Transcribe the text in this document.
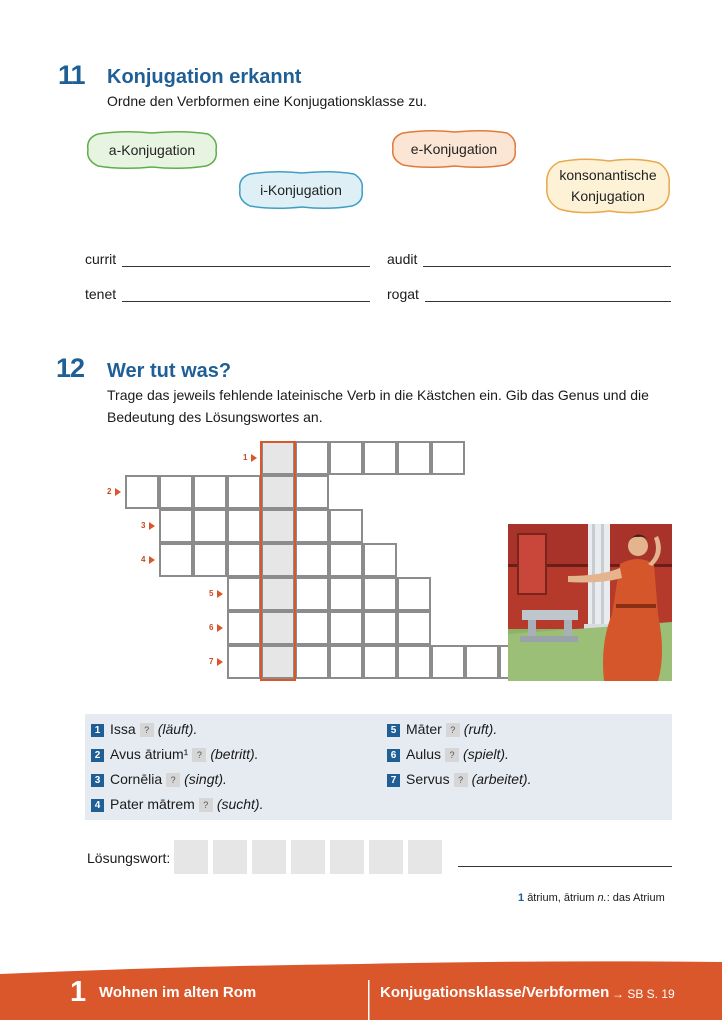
11 Konjugation erkannt
Ordne den Verbformen eine Konjugationsklasse zu.
a-Konjugation	e-Konjugation
i-Konjugation
konsonantische
Konjugation
currit	audit
tenet	rogat
12 Wer tut was?
Trage das jeweils fehlende lateinische Verb in die Kästchen ein. Gib das Genus und die
Bedeutung des Lösungswortes an.
1
2
3
4
5
6
7
1 Issa ? (läuft).
2 Avus ātrium¹ ? (betritt).
3 Cornēlia ? (singt).
4 Pater mātrem ? (sucht).
5 Māter ? (ruft).
6 Aulus ? (spielt).
7 Servus ? (arbeitet).
Lösungswort:
1 ātrium, ātrium n.: das Atrium
1 Wohnen im alten Rom	Konjugationsklasse/Verbformen → SB S. 19
